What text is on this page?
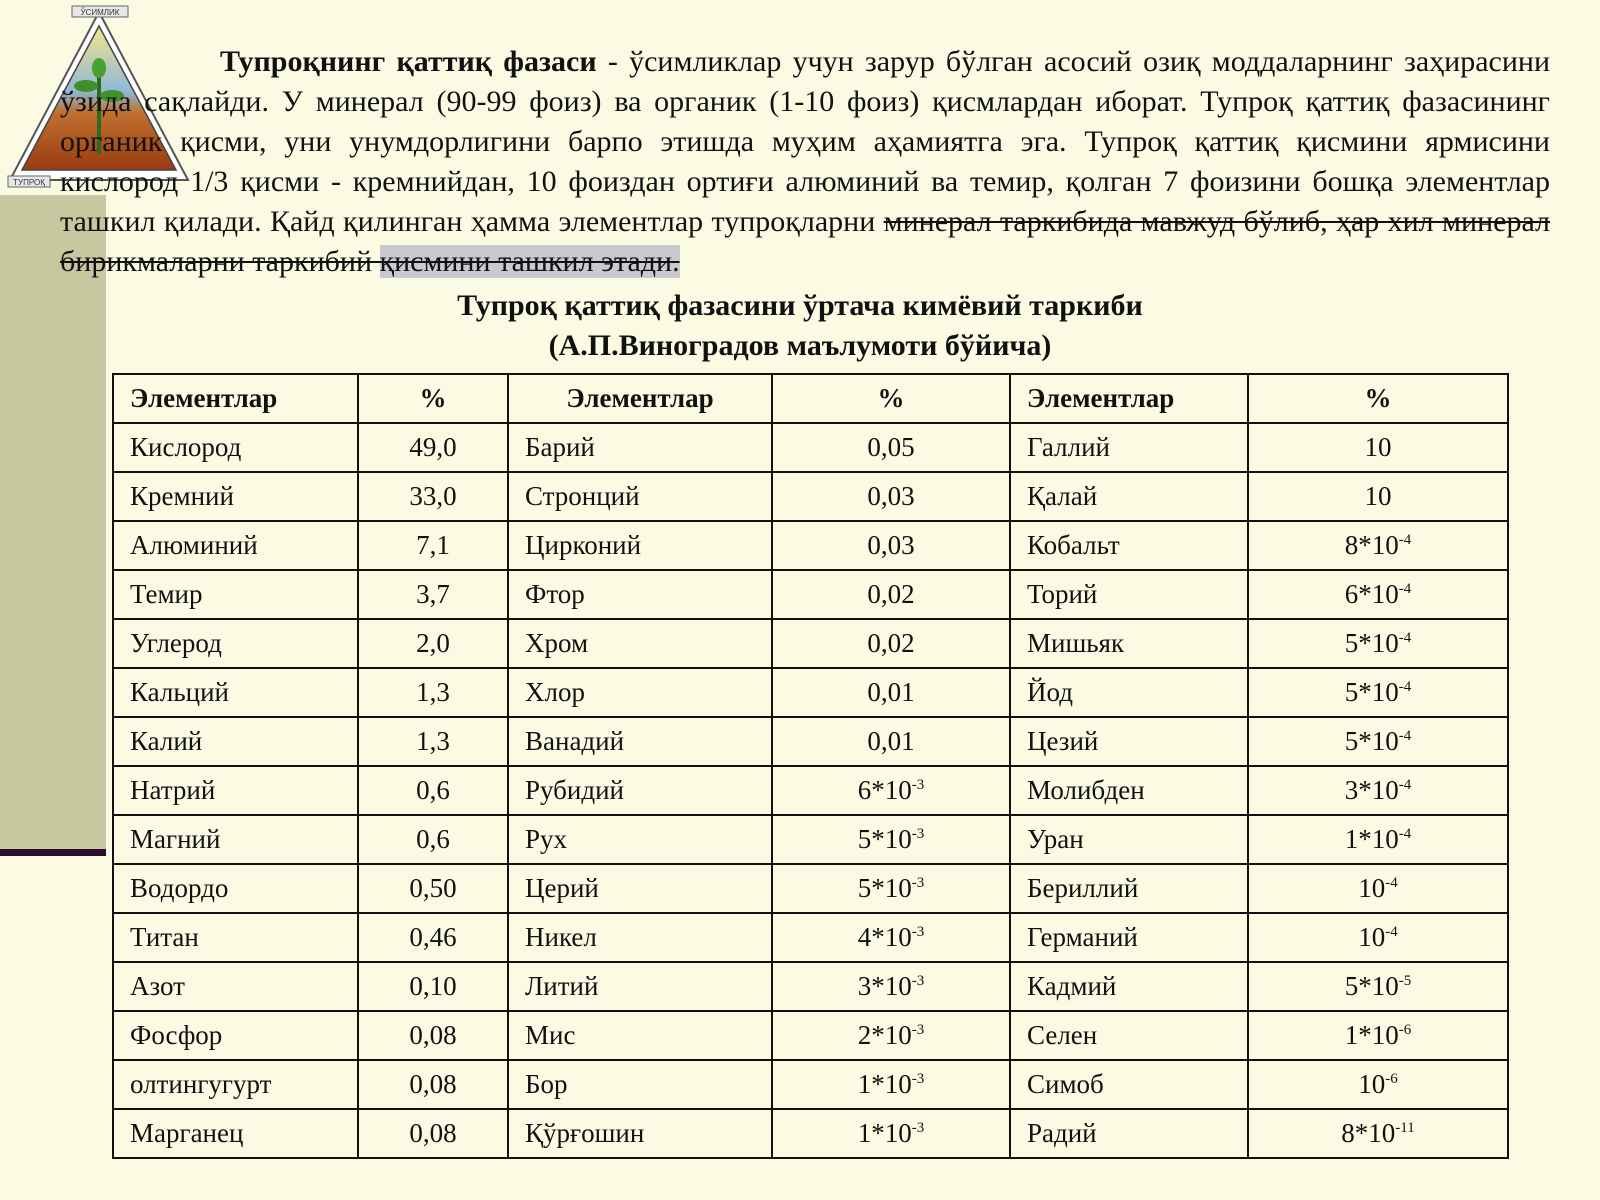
ЎСИМЛИК
ТУПРОҚ

Тупроқнинг қаттиқ фазаси - ўсимликлар учун зарур бўлган асосий озиқ моддаларнинг заҳирасини ўзида сақлайди. У минерал (90-99 фоиз) ва органик (1-10 фоиз) қисмлардан иборат. Тупроқ қаттиқ фазасининг органик қисми, уни унумдорлигини барпо этишда муҳим аҳамиятга эга. Тупроқ қаттиқ қисмини ярмисини кислород 1/3 қисми - кремнийдан, 10 фоиздан ортиғи алюминий ва темир, қолган 7 фоизини бошқа элементлар ташкил қилади. Қайд қилинган ҳамма элементлар тупроқларни минерал таркибида мавжуд бўлиб, ҳар хил минерал бирикмаларни таркибий қисмини ташкил этади.

Тупроқ қаттиқ фазасини ўртача кимёвий таркиби
(А.П.Виноградов маълумоти бўйича)
Элементлар	%	Элементлар	%	Элементлар	%
Кислород	49,0	Барий	0,05	Галлий	10
Кремний	33,0	Стронций	0,03	Қалай	10
Алюминий	7,1	Цирконий	0,03	Кобальт	$8*10^{-4}$
Темир	3,7	Фтор	0,02	Торий	$6*10^{-4}$
Углерод	2,0	Хром	0,02	Мишьяк	$5*10^{-4}$
Кальций	1,3	Хлор	0,01	Йод	$5*10^{-4}$
Калий	1,3	Ванадий	0,01	Цезий	$5*10^{-4}$
Натрий	0,6	Рубидий	$6*10^{-3}$	Молибден	$3*10^{-4}$
Магний	0,6	Рух	$5*10^{-3}$	Уран	$1*10^{-4}$
Водордо	0,50	Церий	$5*10^{-3}$	Бериллий	$10^{-4}$
Титан	0,46	Никел	$4*10^{-3}$	Германий	$10^{-4}$
Азот	0,10	Литий	$3*10^{-3}$	Кадмий	$5*10^{-5}$
Фосфор	0,08	Мис	$2*10^{-3}$	Селен	$1*10^{-6}$
олтингугурт	0,08	Бор	$1*10^{-3}$	Симоб	$10^{-6}$
Марганец	0,08	Қўрғошин	$1*10^{-3}$	Радий	$8*10^{-11}$
